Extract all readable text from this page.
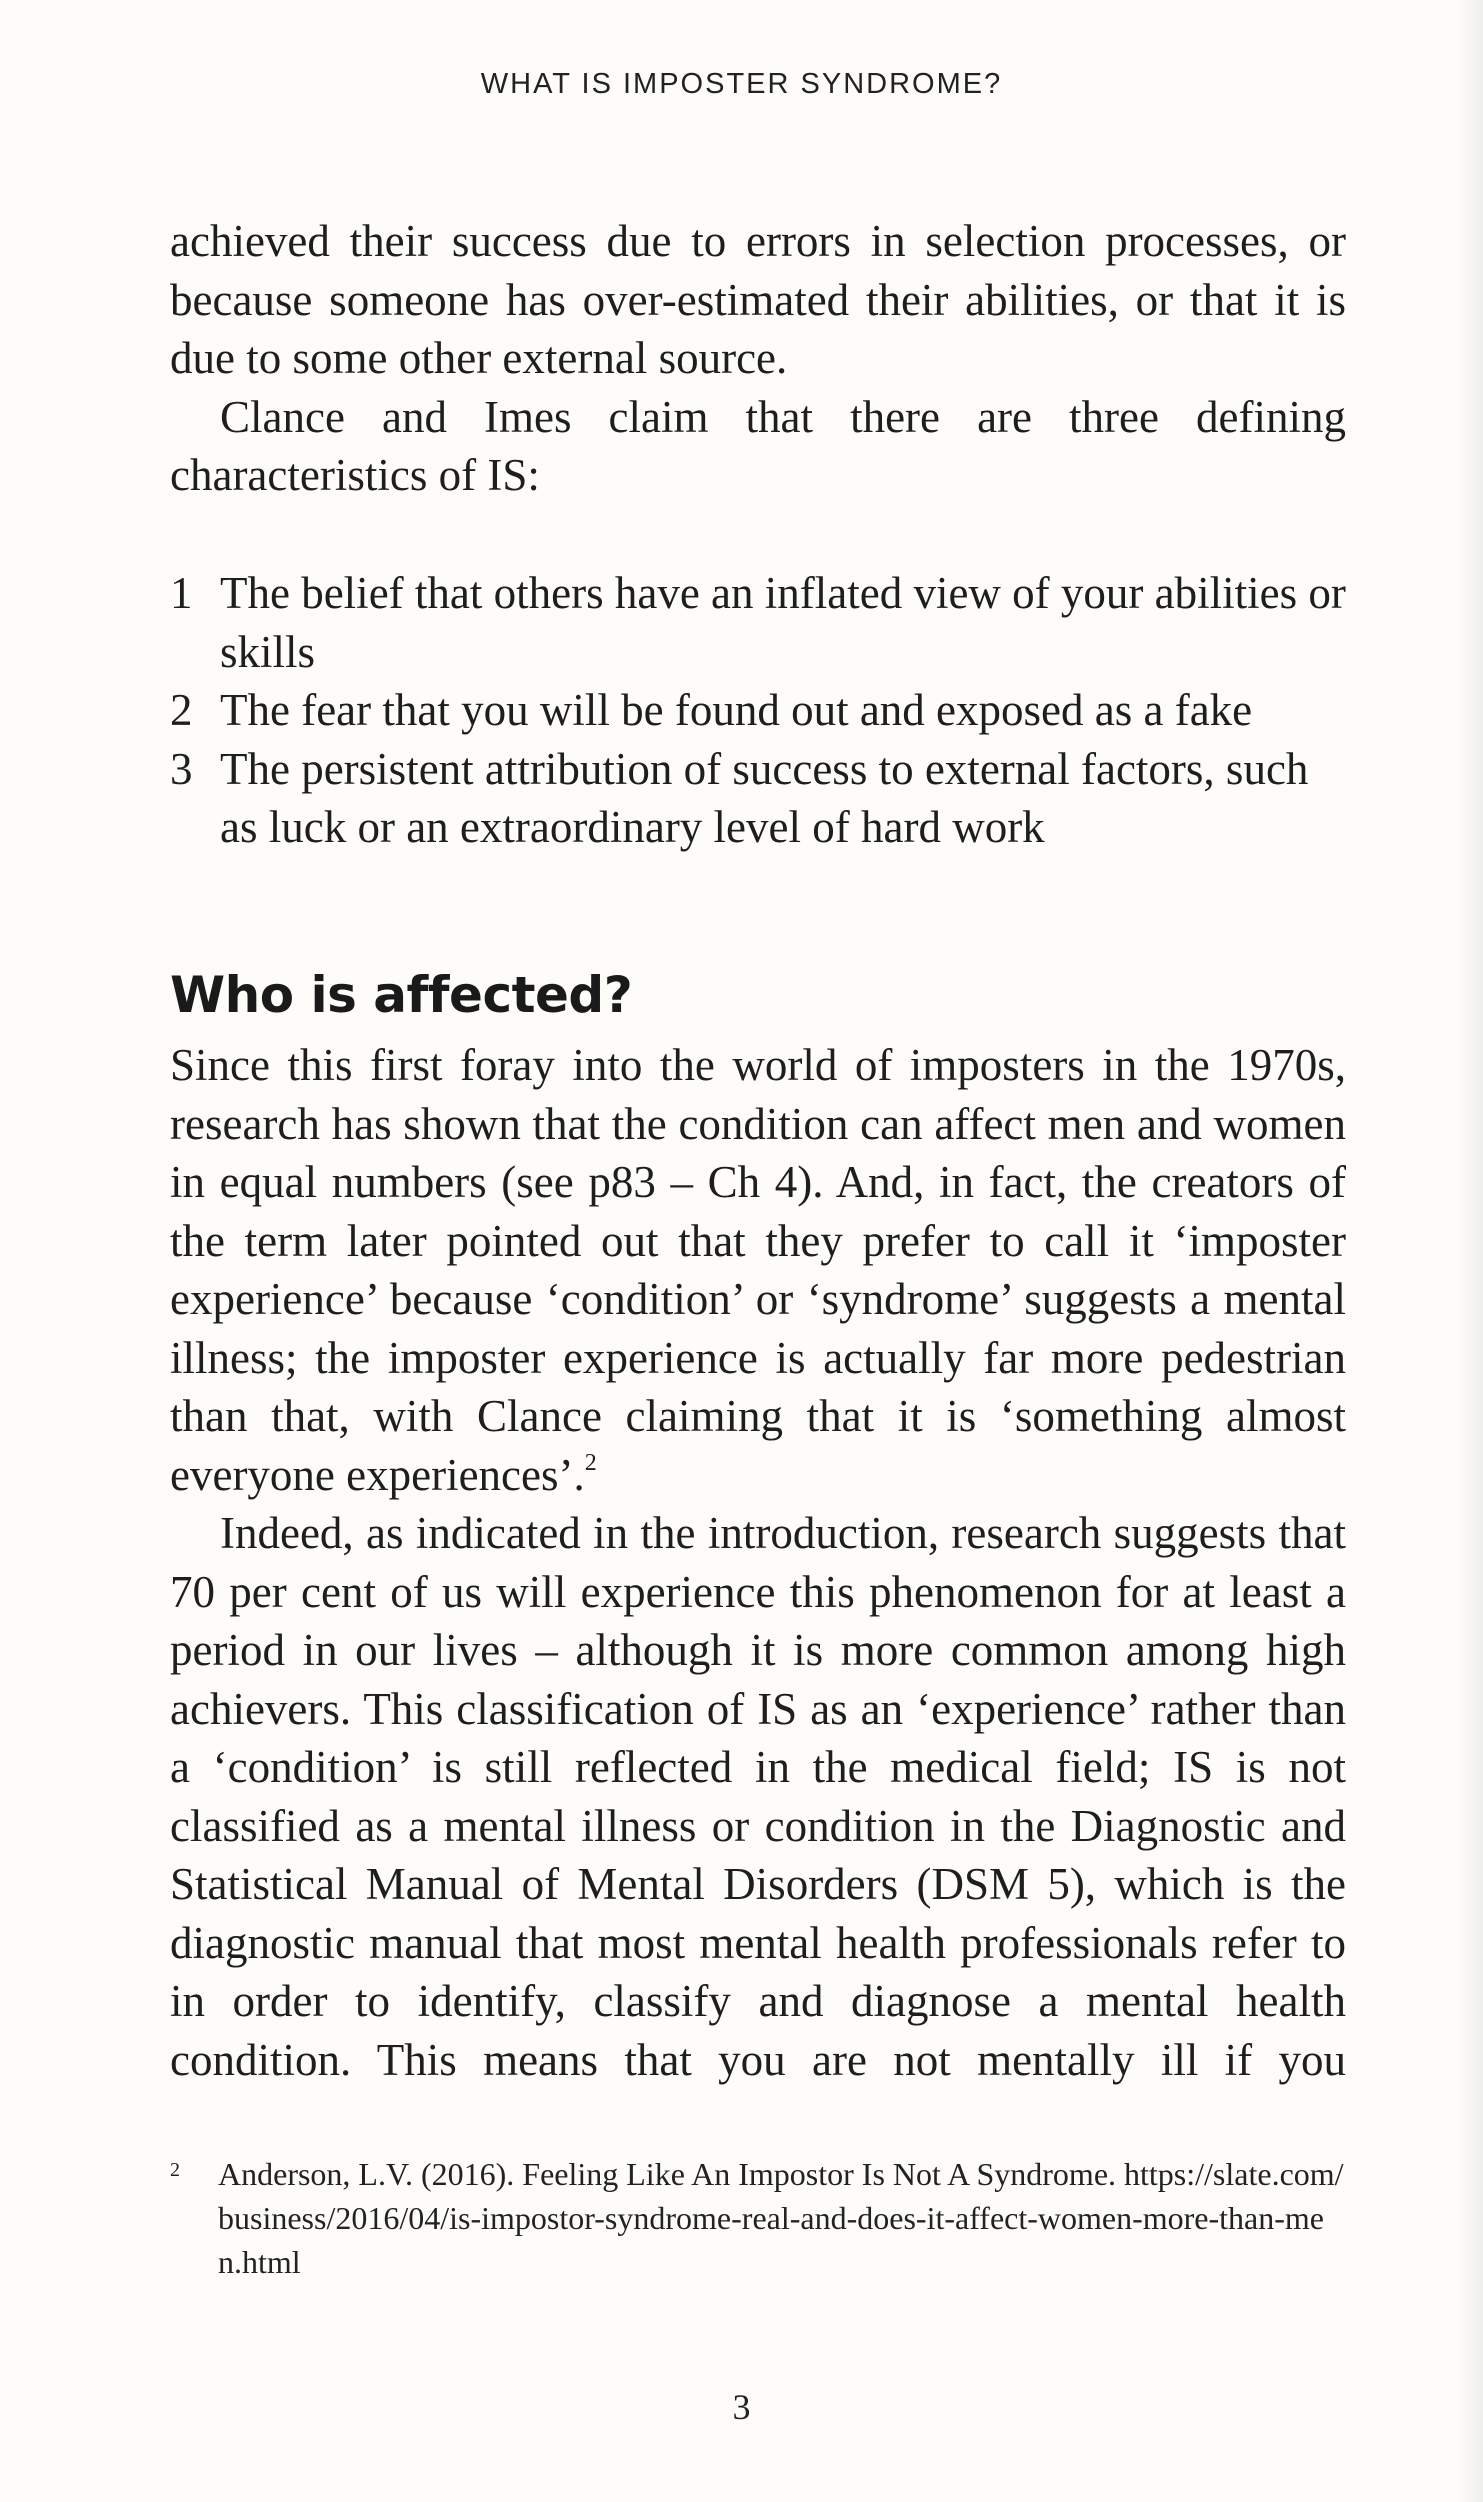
WHAT IS IMPOSTER SYNDROME?

achieved their success due to errors in selection processes, or because someone has over-estimated their abilities, or that it is due to some other external source.

Clance and Imes claim that there are three defining characteristics of IS:

1 The belief that others have an inflated view of your abilities or skills
2 The fear that you will be found out and exposed as a fake
3 The persistent attribution of success to external factors, such as luck or an extraordinary level of hard work
Who is affected?

Since this first foray into the world of imposters in the 1970s, research has shown that the condition can affect men and women in equal numbers (see p83 – Ch 4). And, in fact, the creators of the term later pointed out that they prefer to call it ‘imposter experience’ because ‘condition’ or ‘syndrome’ suggests a mental illness; the imposter experience is actually far more pedestrian than that, with Clance claiming that it is ‘something almost everyone experiences’.$^2$

Indeed, as indicated in the introduction, research suggests that 70 per cent of us will experience this phenomenon for at least a period in our lives – although it is more common among high achievers. This classification of IS as an ‘experience’ rather than a ‘condition’ is still reflected in the medical field; IS is not classified as a mental illness or condition in the Diagnostic and Statistical Manual of Mental Disorders (DSM 5), which is the diagnostic manual that most mental health professionals refer to in order to identify, classify and diagnose a mental health condition. This means that you are not mentally ill if you

2	Anderson, L.V. (2016). Feeling Like An Impostor Is Not A Syndrome. https://slate.com/business/2016/04/is-impostor-syndrome-real-and-does-it-affect-women-more-than-men.html
3
